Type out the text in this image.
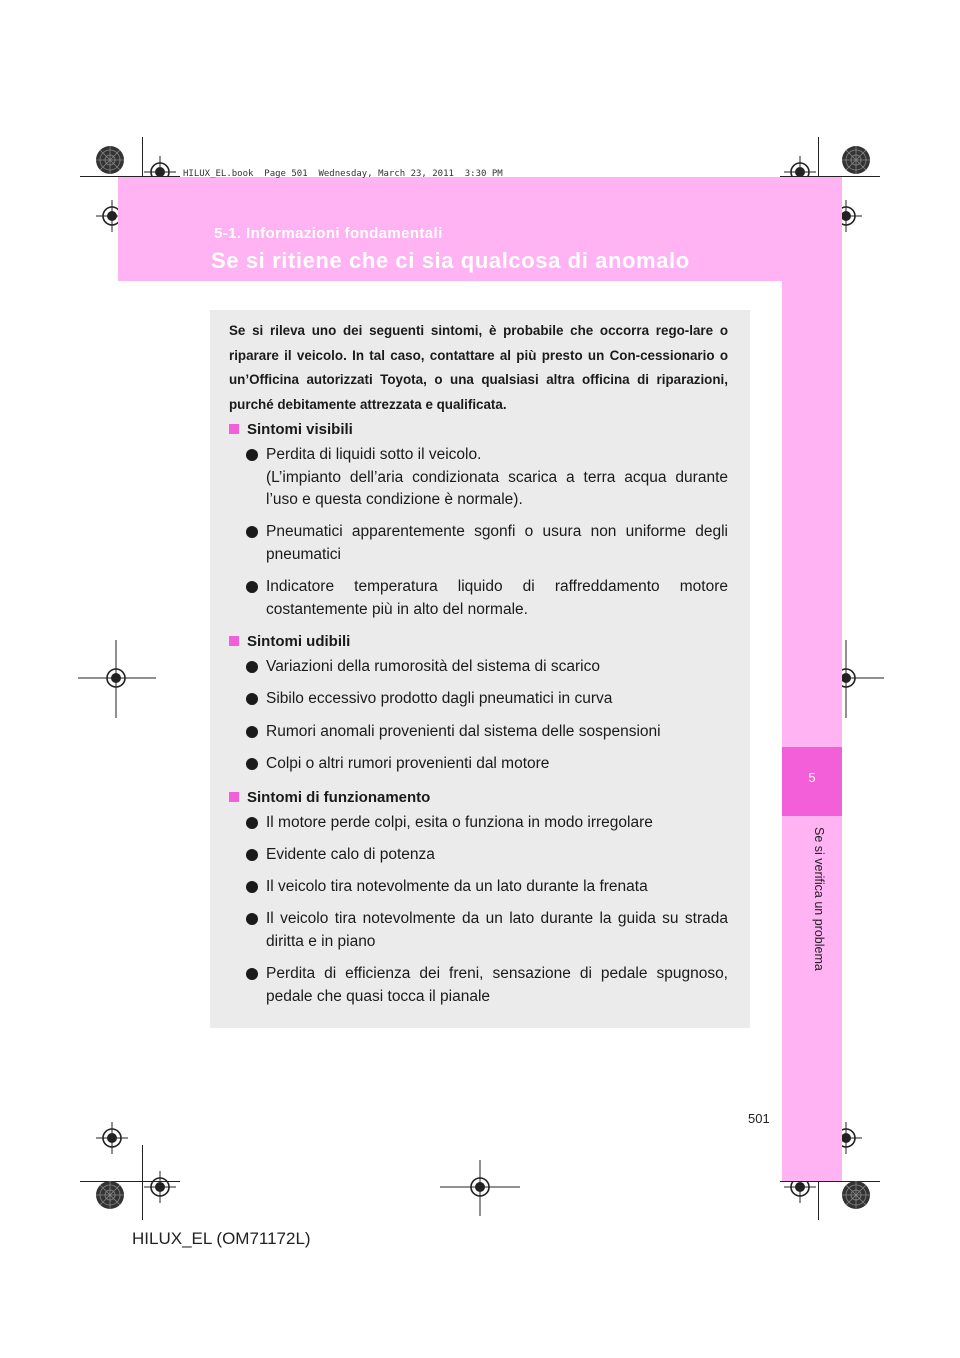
HILUX_EL.book  Page 501  Wednesday, March 23, 2011  3:30 PM
5-1. Informazioni fondamentali
Se si ritiene che ci sia qualcosa di anomalo
5
Se si verifica un problema
Se si rileva uno dei seguenti sintomi, è probabile che occorra rego-lare o riparare il veicolo. In tal caso, contattare al più presto un Con-cessionario o un’Officina autorizzati Toyota, o una qualsiasi altra officina di riparazioni, purché debitamente attrezzata e qualificata.
Sintomi visibili
Perdita di liquidi sotto il veicolo.
(L’impianto dell’aria condizionata scarica a terra acqua durante l’uso e questa condizione è normale).
Pneumatici apparentemente sgonfi o usura non uniforme degli pneumatici
Indicatore temperatura liquido di raffreddamento motore costantemente più in alto del normale.
Sintomi udibili
Variazioni della rumorosità del sistema di scarico
Sibilo eccessivo prodotto dagli pneumatici in curva
Rumori anomali provenienti dal sistema delle sospensioni
Colpi o altri rumori provenienti dal motore
Sintomi di funzionamento
Il motore perde colpi, esita o funziona in modo irregolare
Evidente calo di potenza
Il veicolo tira notevolmente da un lato durante la frenata
Il veicolo tira notevolmente da un lato durante la guida su strada diritta e in piano
Perdita di efficienza dei freni, sensazione di pedale spugnoso, pedale che quasi tocca il pianale
501
HILUX_EL (OM71172L)
